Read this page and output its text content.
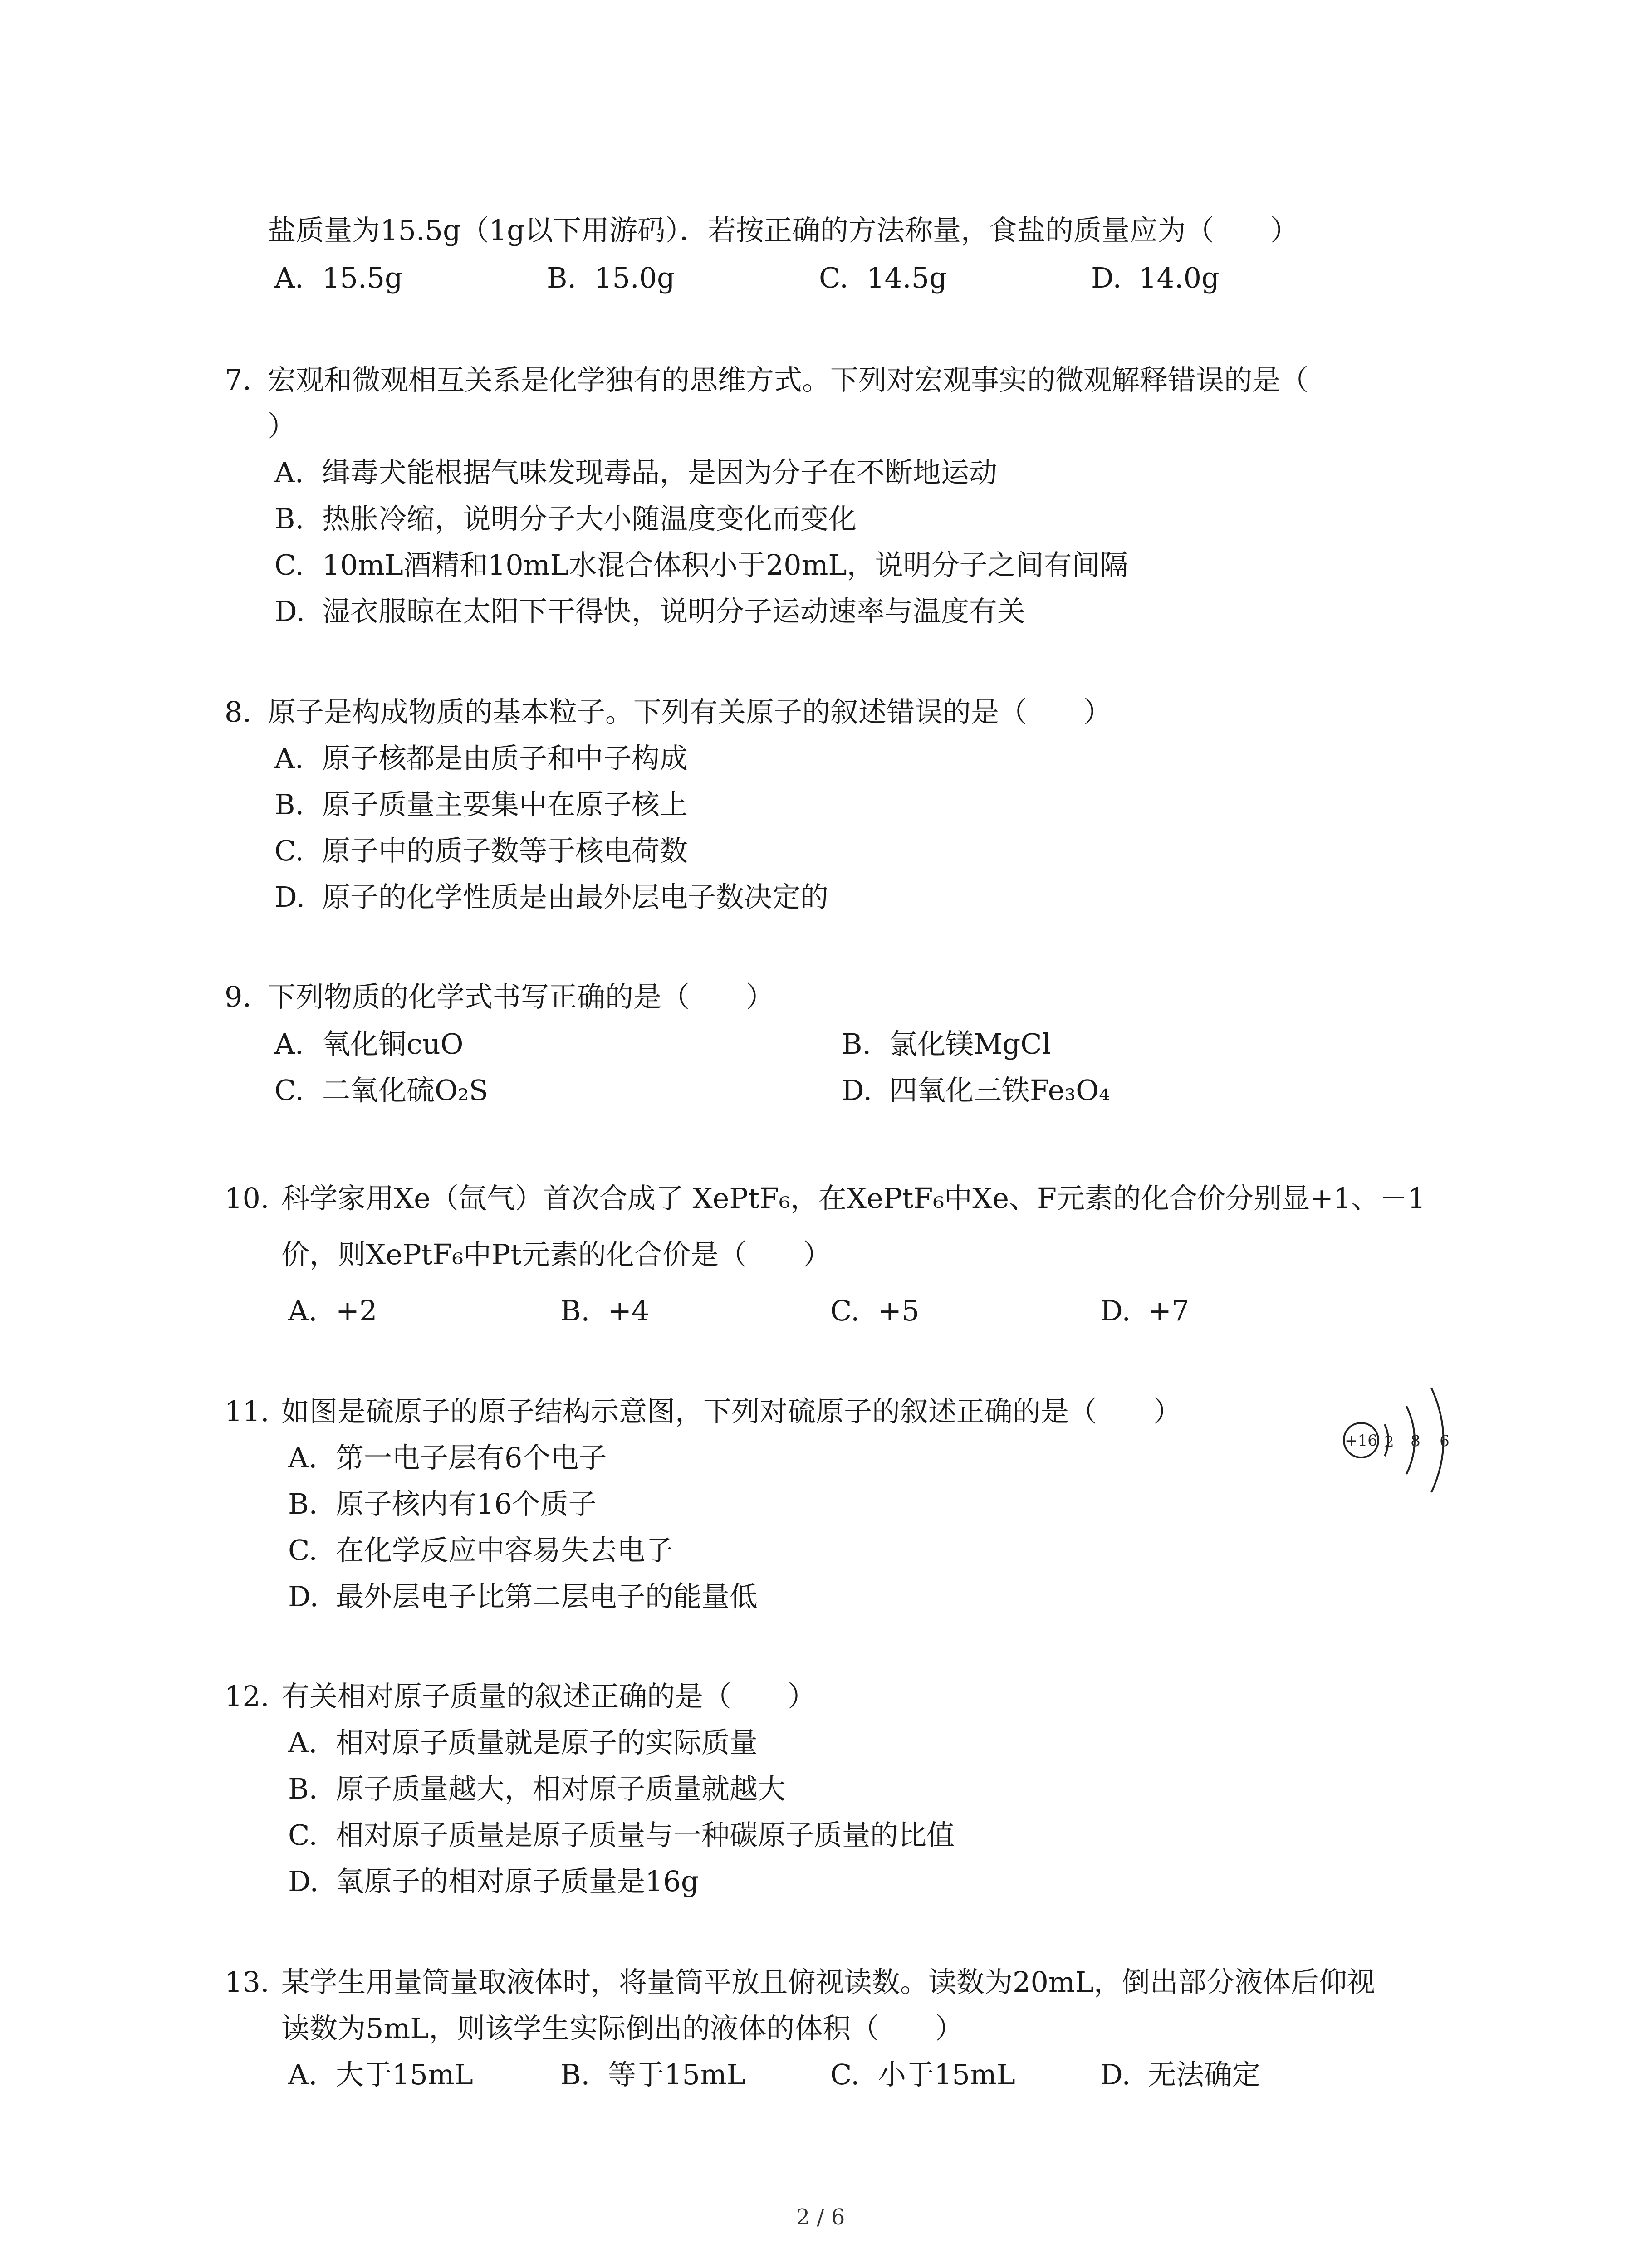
盐质量为15.5g（1g以下用游码）．若按正确的方法称量，食盐的质量应为（　　）
A. 15.5g	B. 15.0g	C. 14.5g	D. 14.0g
7. 宏观和微观相互关系是化学独有的思维方式。下列对宏观事实的微观解释错误的是（
）
A. 缉毒犬能根据气味发现毒品，是因为分子在不断地运动
B. 热胀冷缩，说明分子大小随温度变化而变化
C. 10mL酒精和10mL水混合体积小于20mL，说明分子之间有间隔
D. 湿衣服晾在太阳下干得快，说明分子运动速率与温度有关
8. 原子是构成物质的基本粒子。下列有关原子的叙述错误的是（　　）
A. 原子核都是由质子和中子构成
B. 原子质量主要集中在原子核上
C. 原子中的质子数等于核电荷数
D. 原子的化学性质是由最外层电子数决定的
9. 下列物质的化学式书写正确的是（　　）
A. 氧化铜cuO	B. 氯化镁MgCl
C. 二氧化硫O₂S	D. 四氧化三铁Fe₃O₄
10. 科学家用Xe（氙气）首次合成了 XePtF₆，在XePtF₆中Xe、F元素的化合价分别显+1、－1
价，则XePtF₆中Pt元素的化合价是（　　）
A. +2	B. +4	C. +5	D. +7
11. 如图是硫原子的原子结构示意图，下列对硫原子的叙述正确的是（　　）
A. 第一电子层有6个电子
B. 原子核内有16个质子
C. 在化学反应中容易失去电子
D. 最外层电子比第二层电子的能量低
+16 2 8 6
12. 有关相对原子质量的叙述正确的是（　　）
A. 相对原子质量就是原子的实际质量
B. 原子质量越大，相对原子质量就越大
C. 相对原子质量是原子质量与一种碳原子质量的比值
D. 氧原子的相对原子质量是16g
13. 某学生用量筒量取液体时，将量筒平放且俯视读数。读数为20mL，倒出部分液体后仰视
读数为5mL，则该学生实际倒出的液体的体积（　　）
A. 大于15mL	B. 等于15mL	C. 小于15mL	D. 无法确定
2 / 6
